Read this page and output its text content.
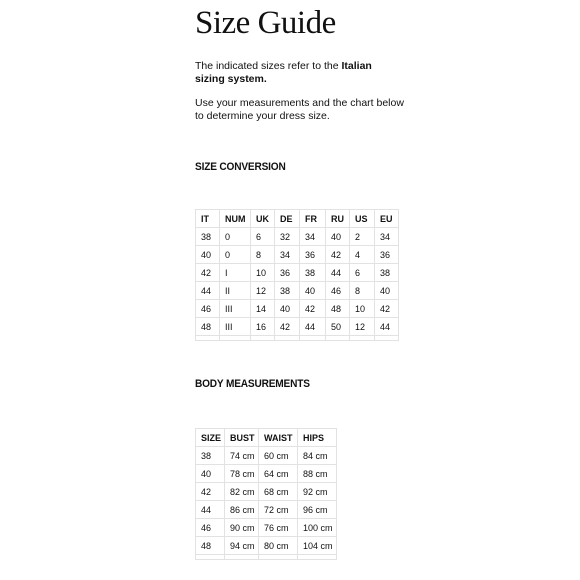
Size Guide

The indicated sizes refer to the Italian sizing system.

Use your measurements and the chart below to determine your dress size.

SIZE CONVERSION
IT	NUM	UK	DE	FR	RU	US	EU
38	0	6	32	34	40	2	34
40	0	8	34	36	42	4	36
42	I	10	36	38	44	6	38
44	II	12	38	40	46	8	40
46	III	14	40	42	48	10	42
48	III	16	42	44	50	12	44

BODY MEASUREMENTS
SIZE	BUST	WAIST	HIPS
38	74 cm	60 cm	84 cm
40	78 cm	64 cm	88 cm
42	82 cm	68 cm	92 cm
44	86 cm	72 cm	96 cm
46	90 cm	76 cm	100 cm
48	94 cm	80 cm	104 cm
